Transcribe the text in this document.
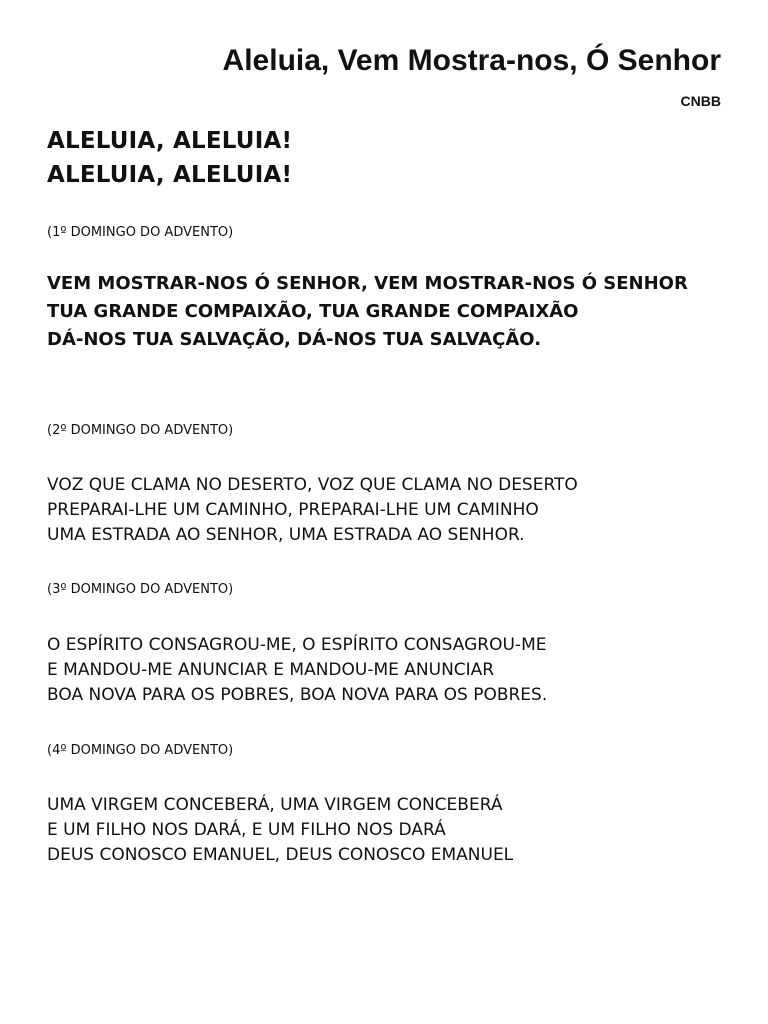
Aleluia, Vem Mostra-nos, Ó Senhor
CNBB
ALELUIA, ALELUIA!
ALELUIA, ALELUIA!
(1º DOMINGO DO ADVENTO)
VEM MOSTRAR-NOS Ó SENHOR, VEM MOSTRAR-NOS Ó SENHOR
TUA GRANDE COMPAIXÃO, TUA GRANDE COMPAIXÃO
DÁ-NOS TUA SALVAÇÃO, DÁ-NOS TUA SALVAÇÃO.
(2º DOMINGO DO ADVENTO)
VOZ QUE CLAMA NO DESERTO, VOZ QUE CLAMA NO DESERTO
PREPARAI-LHE UM CAMINHO, PREPARAI-LHE UM CAMINHO
UMA ESTRADA AO SENHOR, UMA ESTRADA AO SENHOR.
(3º DOMINGO DO ADVENTO)
O ESPÍRITO CONSAGROU-ME, O ESPÍRITO CONSAGROU-ME
E MANDOU-ME ANUNCIAR E MANDOU-ME ANUNCIAR
BOA NOVA PARA OS POBRES, BOA NOVA PARA OS POBRES.
(4º DOMINGO DO ADVENTO)
UMA VIRGEM CONCEBERÁ, UMA VIRGEM CONCEBERÁ
E UM FILHO NOS DARÁ, E UM FILHO NOS DARÁ
DEUS CONOSCO EMANUEL, DEUS CONOSCO EMANUEL
